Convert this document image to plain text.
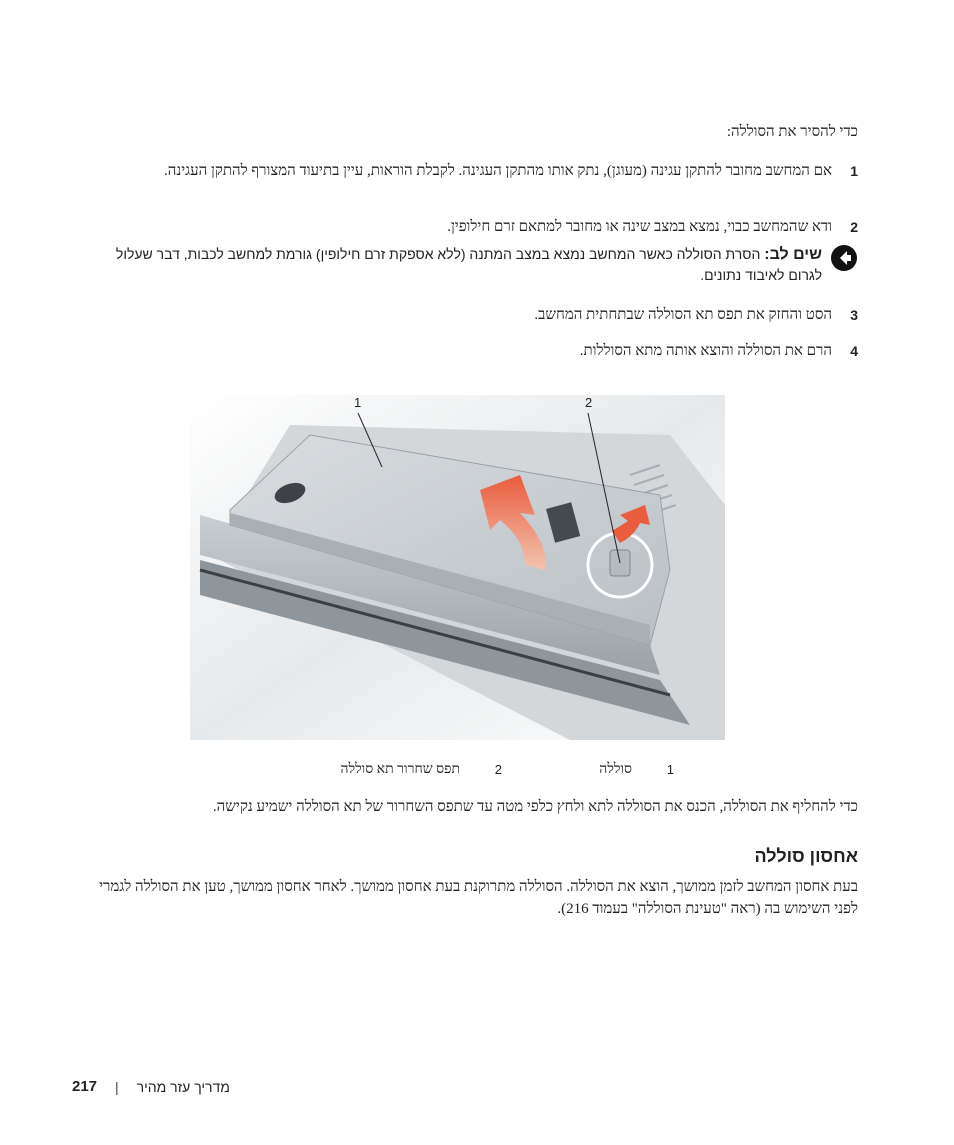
כדי להסיר את הסוללה:
1
אם המחשב מחובר להתקן עגינה (מעוגן), נתק אותו מהתקן העגינה. לקבלת הוראות, עיין בתיעוד המצורף להתקן העגינה.
2
ודא שהמחשב כבוי, נמצא במצב שינה או מחובר למתאם זרם חילופין.
שים לב: הסרת הסוללה כאשר המחשב נמצא במצב המתנה (ללא אספקת זרם חילופין) גורמת למחשב לכבות, דבר שעלול לגרום לאיבוד נתונים.
3
הסט והחזק את תפס תא הסוללה שבתחתית המחשב.
4
הרם את הסוללה והוצא אותה מתא הסוללות.
1	2
1
סוללה
2
תפס שחרור תא סוללה
כדי להחליף את הסוללה, הכנס את הסוללה לתא ולחץ כלפי מטה עד שתפס השחרור של תא הסוללה ישמיע נקישה.
אחסון סוללה
בעת אחסון המחשב לזמן ממושך, הוצא את הסוללה. הסוללה מתרוקנת בעת אחסון ממושך. לאחר אחסון ממושך, טען את הסוללה לגמרי לפני השימוש בה (ראה "טעינת הסוללה" בעמוד 216).
217 | מדריך עזר מהיר
